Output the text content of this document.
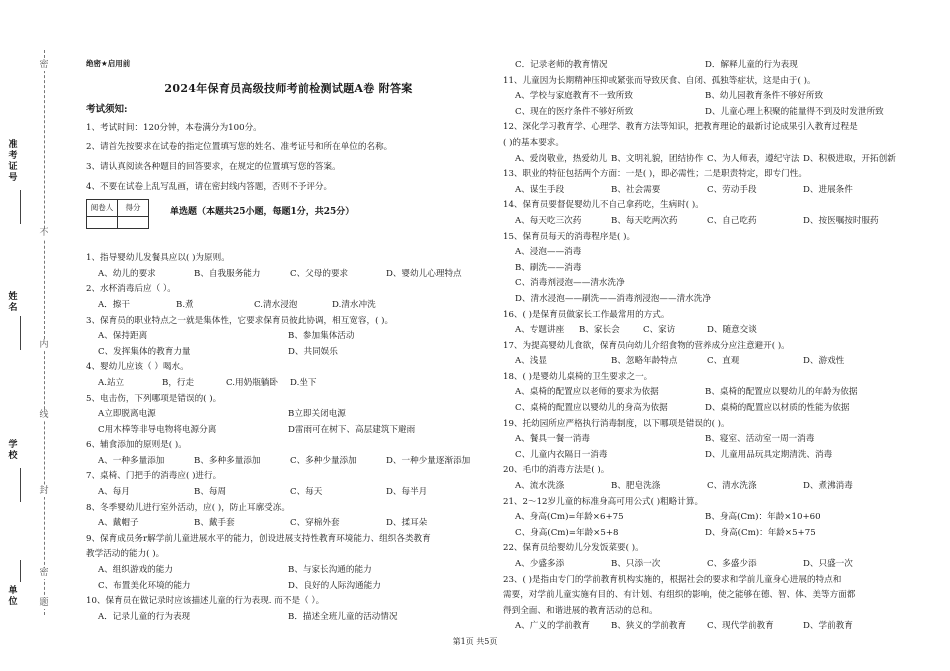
准考证号
姓名
学校
单位
密
不
内
线
封
密
题

绝密★启用前

2024年保育员高级技师考前检测试题A卷 附答案

考试须知:

1、考试时间：120分钟，本卷满分为100分。

2、请首先按要求在试卷的指定位置填写您的姓名、准考证号和所在单位的名称。

3、请认真阅读各种题目的回答要求，在规定的位置填写您的答案。

4、不要在试卷上乱写乱画，请在密封线内答题，否则不予评分。

阅卷人	得分
		单选题（本题共25小题，每题1分，共25分）

1、指导婴幼儿发餐具应以( )为原则。

A、幼儿的要求	B、自我服务能力	C、父母的要求	D、婴幼儿心理特点

2、水杯消毒后应（ ）。

A．擦干	B.煮	C.清水浸泡	D.清水冲洗

3、保育员的职业特点之一就是集体性，它要求保育员彼此协调，相互宽容，( )。

A、保持距离	B、参加集体活动

C、发挥集体的教育力量	D、共同娱乐

4、婴幼儿应该（ ）喝水。

A.站立	B，行走	C.用奶瓶躺卧 D.坐下

5、电击伤，下列哪项是错误的( )。

A立即脱离电源	B立即关闭电源

C用木棒等非导电物将电源分离	D雷雨可在树下、高层建筑下避雨

6、辅食添加的原则是( )。

A、一种多量添加	B、多种多量添加	C、多种少量添加	D、一种少量逐渐添加

7、桌椅、门把手的消毒应( )进行。

A、每月	B、每周	C、每天	D、每半月

8、冬季婴幼儿进行室外活动，应( )，防止耳廓受冻。

A、戴帽子	B、戴手套	C、穿棉外套	D、揉耳朵

9、保育成员务r解学前儿童进展水平的能力，创设进展支持性教育环境能力、组织各类教育

教学活动的能力( )。

A、组织游戏的能力	B、与家长沟通的能力

C、布置美化环境的能力	D、良好的人际沟通能力

10、保育员在做记录时应该描述儿童的行为表现. 而不是（ ）。

A．记录儿童的行为表现	B．描述全班儿童的活动情况

C．记录老师的教育情况	D．解释儿童的行为表现

11、儿童因为长期精神压抑或紧张而导致厌食、自闭、孤独等症状，这是由于( )。

A、学校与家庭教育不一致所致	B、幼儿园教育条件不够好所致

C、现在的医疗条件不够好所致	D、儿童心理上积聚的能量得不到及时发泄所致

12、深化学习教育学、心理学、教育方法等知识，把教育理论的最新讨论成果引入教育过程是

( )的基本要求。

A、爱岗敬业，热爱幼儿 B、文明礼貌，团结协作 C、为人师表，遵纪守法 D、积极进取，开拓创新

13、职业的特征包括两个方面：一是( )，即必需性；二是职责特定，即专门性。

A、谋生手段	B、社会需要	C、劳动手段	D、进展条件

14、保育员要督促婴幼儿不自己拿药吃，生病时( )。

A、每天吃三次药	B、每天吃两次药	C、自己吃药	D、按医嘱按时服药

15、保育员每天的消毒程序是( )。

A、浸泡——消毒

B、刷洗——消毒

C、消毒剂浸泡——清水洗净

D、清水浸泡——刷洗——消毒剂浸泡——清水洗净

16、( )是保育员做家长工作最常用的方式。

A、专题讲座 B、家长会	C、家访	D、随意交谈

17、为提高婴幼儿食欲，保育员向幼儿介绍食物的营养成分应注意避开( )。

A、浅显	B、忽略年龄特点	C、直观	D、游戏性

18、( )是婴幼儿桌椅的卫生要求之一。

A、桌椅的配置应以老师的要求为依据	B、桌椅的配置应以婴幼儿的年龄为依据

C、桌椅的配置应以婴幼儿的身高为依据	D、桌椅的配置应以材质的性能为依据

19、托幼园所应严格执行消毒制度，以下哪项是错误的( )。

A、餐具一餐一消毒	B、寝室、活动室一周一消毒

C、儿童内衣隔日一消毒	D、儿童用品玩具定期清洗、消毒

20、毛巾的消毒方法是( )。

A、流水洗涤	B、肥皂洗涤	C、清水洗涤	D、煮沸消毒

21、2～12岁儿童的标准身高可用公式( )粗略计算。

A、身高(Cm)=年龄×6+75	B、身高(Cm)：年龄×10+60

C、身高(Cm)=年龄×5+8	D、身高(Cm)：年龄×5+75

22、保育员给婴幼儿分发饭菜要( )。

A、少盛多添	B、只添一次	C、多盛少添	D、只盛一次

23、( )是指由专门的学前教育机构实施的，根据社会的要求和学前儿童身心进展的特点和

需要，对学前儿童实施有目的、有计划、有组织的影响，使之能够在德、智、体、美等方面都

得到全面、和谐进展的教育活动的总和。

A、广义的学前教育 B、狭义的学前教育 C、现代学前教育	D、学前教育

第1页 共5页
